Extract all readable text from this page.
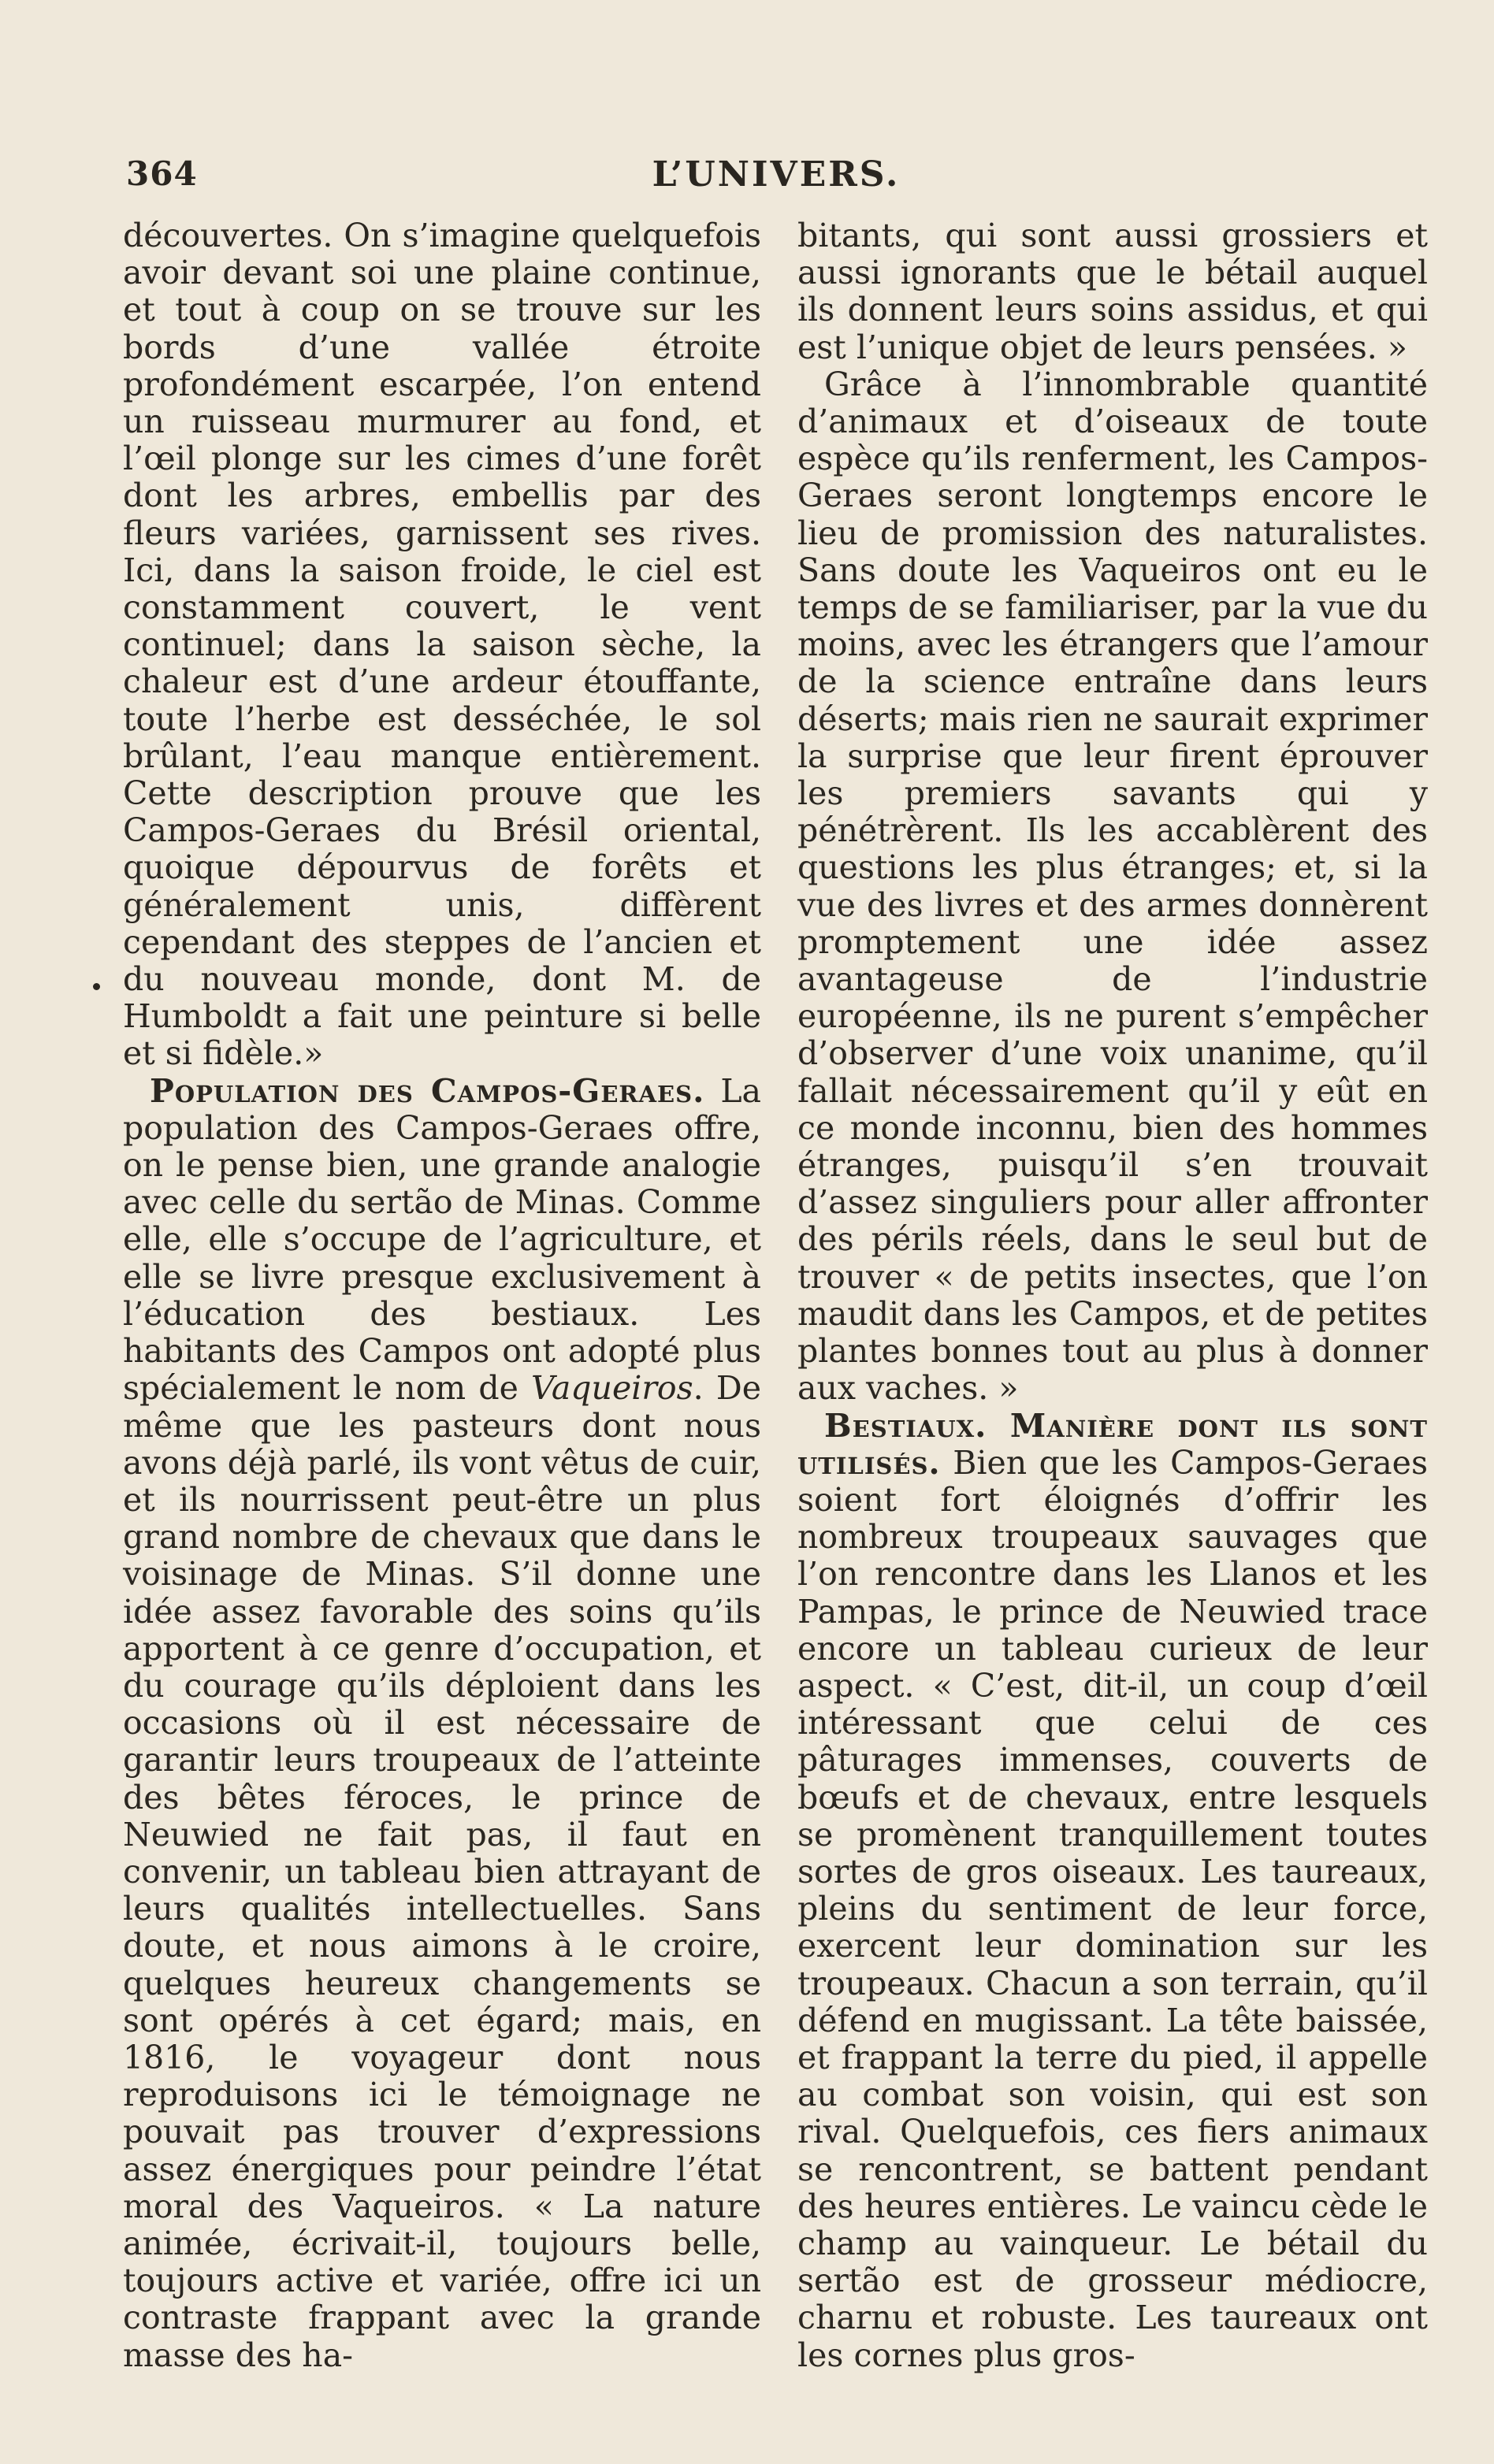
364	L’UNIVERS.

découvertes. On s’imagine quelquefois avoir devant soi une plaine continue, et tout à coup on se trouve sur les bords d’une vallée étroite profondément escarpée, l’on entend un ruisseau murmurer au fond, et l’œil plonge sur les cimes d’une forêt dont les arbres, embellis par des fleurs variées, garnissent ses rives. Ici, dans la saison froide, le ciel est constamment couvert, le vent continuel; dans la saison sèche, la chaleur est d’une ardeur étouffante, toute l’herbe est desséchée, le sol brûlant, l’eau manque entièrement. Cette description prouve que les Campos-Geraes du Brésil oriental, quoique dépourvus de forêts et généralement unis, diffèrent cependant des steppes de l’ancien et du nouveau monde, dont M. de Humboldt a fait une peinture si belle et si fidèle.»

Population des Campos-Geraes. La population des Campos-Geraes offre, on le pense bien, une grande analogie avec celle du sertão de Minas. Comme elle, elle s’occupe de l’agriculture, et elle se livre presque exclusivement à l’éducation des bestiaux. Les habitants des Campos ont adopté plus spécialement le nom de Vaqueiros. De même que les pasteurs dont nous avons déjà parlé, ils vont vêtus de cuir, et ils nourrissent peut-être un plus grand nombre de chevaux que dans le voisinage de Minas. S’il donne une idée assez favorable des soins qu’ils apportent à ce genre d’occupation, et du courage qu’ils déploient dans les occasions où il est nécessaire de garantir leurs troupeaux de l’atteinte des bêtes féroces, le prince de Neuwied ne fait pas, il faut en convenir, un tableau bien attrayant de leurs qualités intellectuelles. Sans doute, et nous aimons à le croire, quelques heureux changements se sont opérés à cet égard; mais, en 1816, le voyageur dont nous reproduisons ici le témoignage ne pouvait pas trouver d’expressions assez énergiques pour peindre l’état moral des Vaqueiros. « La nature animée, écrivait-il, toujours belle, toujours active et variée, offre ici un contraste frappant avec la grande masse des ha-

bitants, qui sont aussi grossiers et aussi ignorants que le bétail auquel ils donnent leurs soins assidus, et qui est l’unique objet de leurs pensées. »

Grâce à l’innombrable quantité d’animaux et d’oiseaux de toute espèce qu’ils renferment, les Campos-Geraes seront longtemps encore le lieu de promission des naturalistes. Sans doute les Vaqueiros ont eu le temps de se familiariser, par la vue du moins, avec les étrangers que l’amour de la science entraîne dans leurs déserts; mais rien ne saurait exprimer la surprise que leur firent éprouver les premiers savants qui y pénétrèrent. Ils les accablèrent des questions les plus étranges; et, si la vue des livres et des armes donnèrent promptement une idée assez avantageuse de l’industrie européenne, ils ne purent s’empêcher d’observer d’une voix unanime, qu’il fallait nécessairement qu’il y eût en ce monde inconnu, bien des hommes étranges, puisqu’il s’en trouvait d’assez singuliers pour aller affronter des périls réels, dans le seul but de trouver « de petits insectes, que l’on maudit dans les Campos, et de petites plantes bonnes tout au plus à donner aux vaches. »

Bestiaux. Manière dont ils sont utilisés. Bien que les Campos-Geraes soient fort éloignés d’offrir les nombreux troupeaux sauvages que l’on rencontre dans les Llanos et les Pampas, le prince de Neuwied trace encore un tableau curieux de leur aspect. « C’est, dit-il, un coup d’œil intéressant que celui de ces pâturages immenses, couverts de bœufs et de chevaux, entre lesquels se promènent tranquillement toutes sortes de gros oiseaux. Les taureaux, pleins du sentiment de leur force, exercent leur domination sur les troupeaux. Chacun a son terrain, qu’il défend en mugissant. La tête baissée, et frappant la terre du pied, il appelle au combat son voisin, qui est son rival. Quelquefois, ces fiers animaux se rencontrent, se battent pendant des heures entières. Le vaincu cède le champ au vainqueur. Le bétail du sertão est de grosseur médiocre, charnu et robuste. Les taureaux ont les cornes plus gros-
